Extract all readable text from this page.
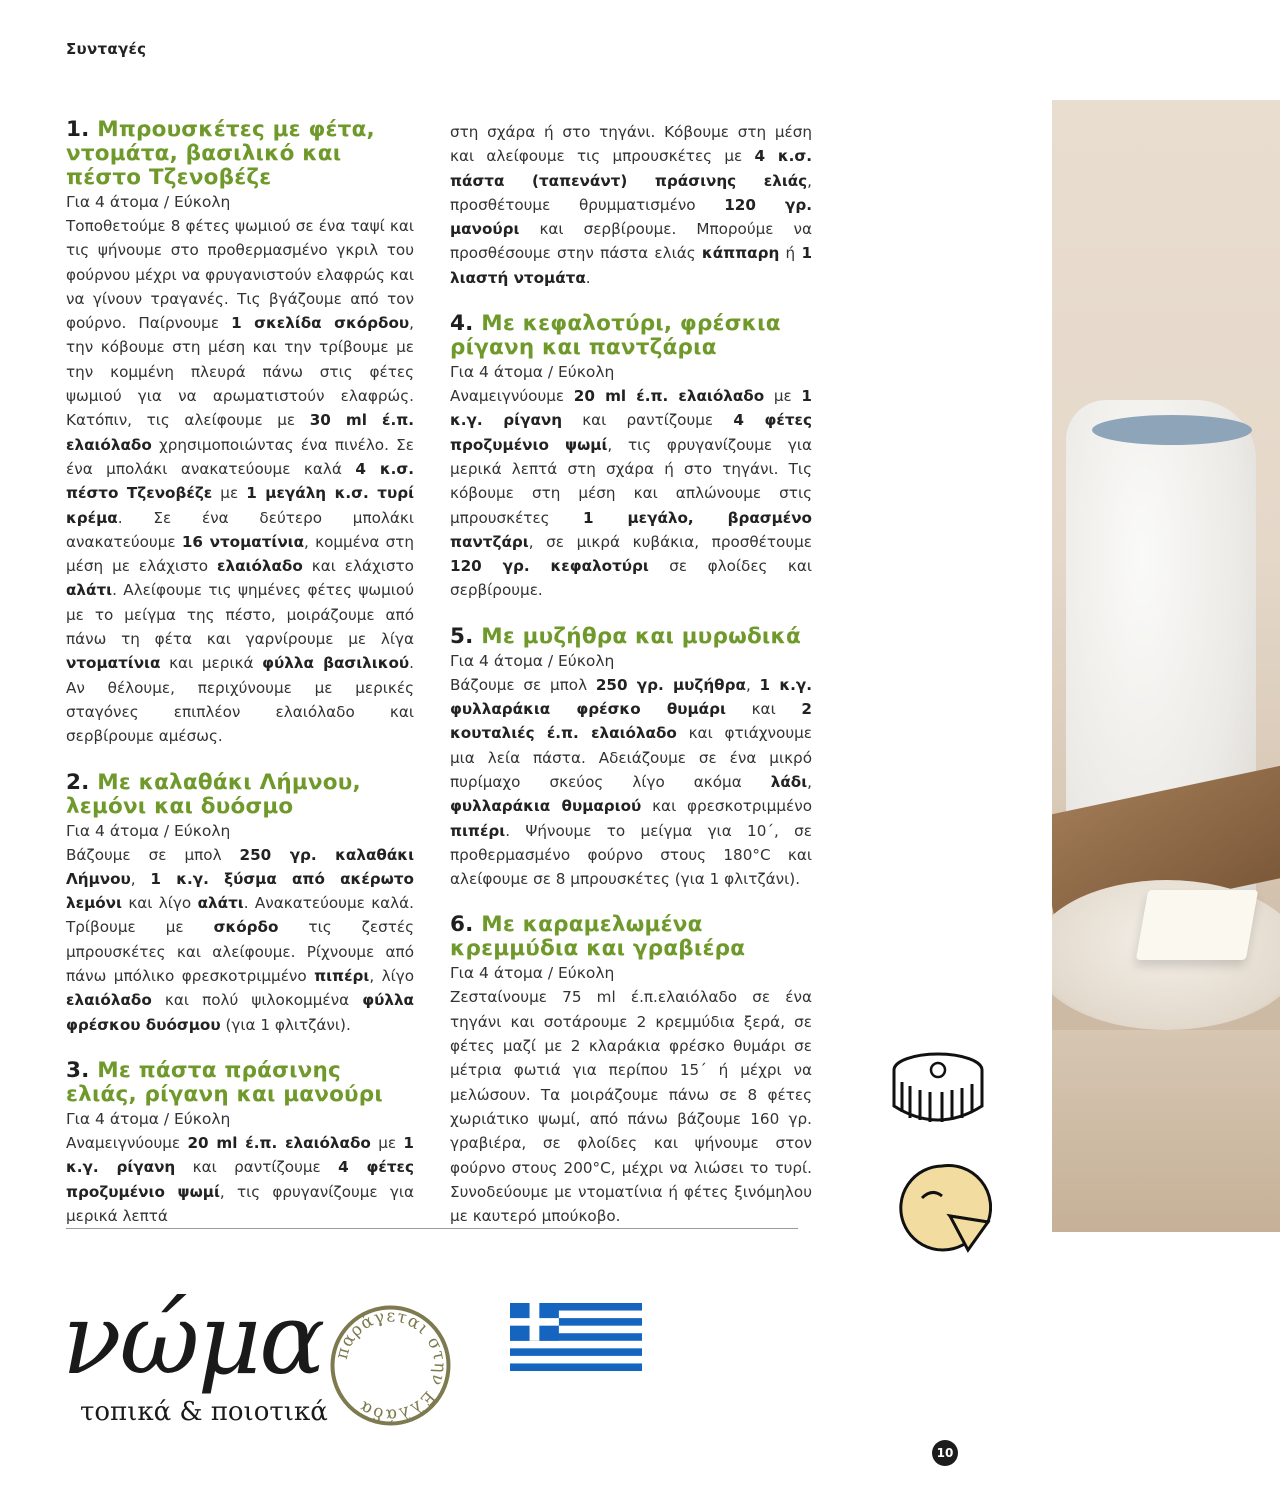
Συνταγές
1. Μπρουσκέτες με φέτα, ντομάτα, βασιλικό και πέστο Τζενοβέζε
Για 4 άτομα / Εύκολη

Τοποθετούμε 8 φέτες ψωμιού σε ένα ταψί και τις ψήνουμε στο προθερμασμένο γκριλ του φούρνου μέχρι να φρυγανιστούν ελαφρώς και να γίνουν τραγανές. Τις βγάζουμε από τον φούρνο. Παίρνουμε 1 σκελίδα σκόρδου, την κόβουμε στη μέση και την τρίβουμε με την κομμένη πλευρά πάνω στις φέτες ψωμιού για να αρωματιστούν ελαφρώς. Κατόπιν, τις αλείφουμε με 30 ml έ.π. ελαιόλαδο χρησιμοποιώντας ένα πινέλο. Σε ένα μπολάκι ανακατεύουμε καλά 4 κ.σ. πέστο Τζενοβέζε με 1 μεγάλη κ.σ. τυρί κρέμα. Σε ένα δεύτερο μπολάκι ανακατεύουμε 16 ντοματίνια, κομμένα στη μέση με ελάχιστο ελαιόλαδο και ελάχιστο αλάτι. Αλείφουμε τις ψημένες φέτες ψωμιού με το μείγμα της πέστο, μοιράζουμε από πάνω τη φέτα και γαρνίρουμε με λίγα ντοματίνια και μερικά φύλλα βασιλικού. Αν θέλουμε, περιχύνουμε με μερικές σταγόνες επιπλέον ελαιόλαδο και σερβίρουμε αμέσως.

2. Με καλαθάκι Λήμνου, λεμόνι και δυόσμο
Για 4 άτομα / Εύκολη

Βάζουμε σε μπολ 250 γρ. καλαθάκι Λήμνου, 1 κ.γ. ξύσμα από ακέρωτο λεμόνι και λίγο αλάτι. Ανακατεύουμε καλά. Τρίβουμε με σκόρδο τις ζεστές μπρουσκέτες και αλείφουμε. Ρίχνουμε από πάνω μπόλικο φρεσκοτριμμένο πιπέρι, λίγο ελαιόλαδο και πολύ ψιλοκομμένα φύλλα φρέσκου δυόσμου (για 1 φλιτζάνι).

3. Με πάστα πράσινης ελιάς, ρίγανη και μανούρι
Για 4 άτομα / Εύκολη

Αναμειγνύουμε 20 ml έ.π. ελαιόλαδο με 1 κ.γ. ρίγανη και ραντίζουμε 4 φέτες προζυμένιο ψωμί, τις φρυγανίζουμε για μερικά λεπτά

στη σχάρα ή στο τηγάνι. Κόβουμε στη μέση και αλείφουμε τις μπρουσκέτες με 4 κ.σ. πάστα (ταπενάντ) πράσινης ελιάς, προσθέτουμε θρυμματισμένο 120 γρ. μανούρι και σερβίρουμε. Μπορούμε να προσθέσουμε στην πάστα ελιάς κάππαρη ή 1 λιαστή ντομάτα.

4. Με κεφαλοτύρι, φρέσκια ρίγανη και παντζάρια
Για 4 άτομα / Εύκολη

Αναμειγνύουμε 20 ml έ.π. ελαιόλαδο με 1 κ.γ. ρίγανη και ραντίζουμε 4 φέτες προζυμένιο ψωμί, τις φρυγανίζουμε για μερικά λεπτά στη σχάρα ή στο τηγάνι. Τις κόβουμε στη μέση και απλώνουμε στις μπρουσκέτες 1 μεγάλο, βρασμένο παντζάρι, σε μικρά κυβάκια, προσθέτουμε 120 γρ. κεφαλοτύρι σε φλοίδες και σερβίρουμε.

5. Με μυζήθρα και μυρωδικά
Για 4 άτομα / Εύκολη

Βάζουμε σε μπολ 250 γρ. μυζήθρα, 1 κ.γ. φυλλαράκια φρέσκο θυμάρι και 2 κουταλιές έ.π. ελαιόλαδο και φτιάχνουμε μια λεία πάστα. Αδειάζουμε σε ένα μικρό πυρίμαχο σκεύος λίγο ακόμα λάδι, φυλλαράκια θυμαριού και φρεσκοτριμμένο πιπέρι. Ψήνουμε το μείγμα για 10΄, σε προθερμασμένο φούρνο στους 180°C και αλείφουμε σε 8 μπρουσκέτες (για 1 φλιτζάνι).

6. Με καραμελωμένα κρεμμύδια και γραβιέρα
Για 4 άτομα / Εύκολη

Ζεσταίνουμε 75 ml έ.π.ελαιόλαδο σε ένα τηγάνι και σοτάρουμε 2 κρεμμύδια ξερά, σε φέτες μαζί με 2 κλαράκια φρέσκο θυμάρι σε μέτρια φωτιά για περίπου 15΄ ή μέχρι να μελώσουν. Τα μοιράζουμε πάνω σε 8 φέτες χωριάτικο ψωμί, από πάνω βάζουμε 160 γρ. γραβιέρα, σε φλοίδες και ψήνουμε στον φούρνο στους 200°C, μέχρι να λιώσει το τυρί. Συνοδεύουμε με ντοματίνια ή φέτες ξινόμηλου με καυτερό μπούκοβο.

νώμα
τοπικά & ποιοτικά
παράγεται στην Ελλάδα
10
